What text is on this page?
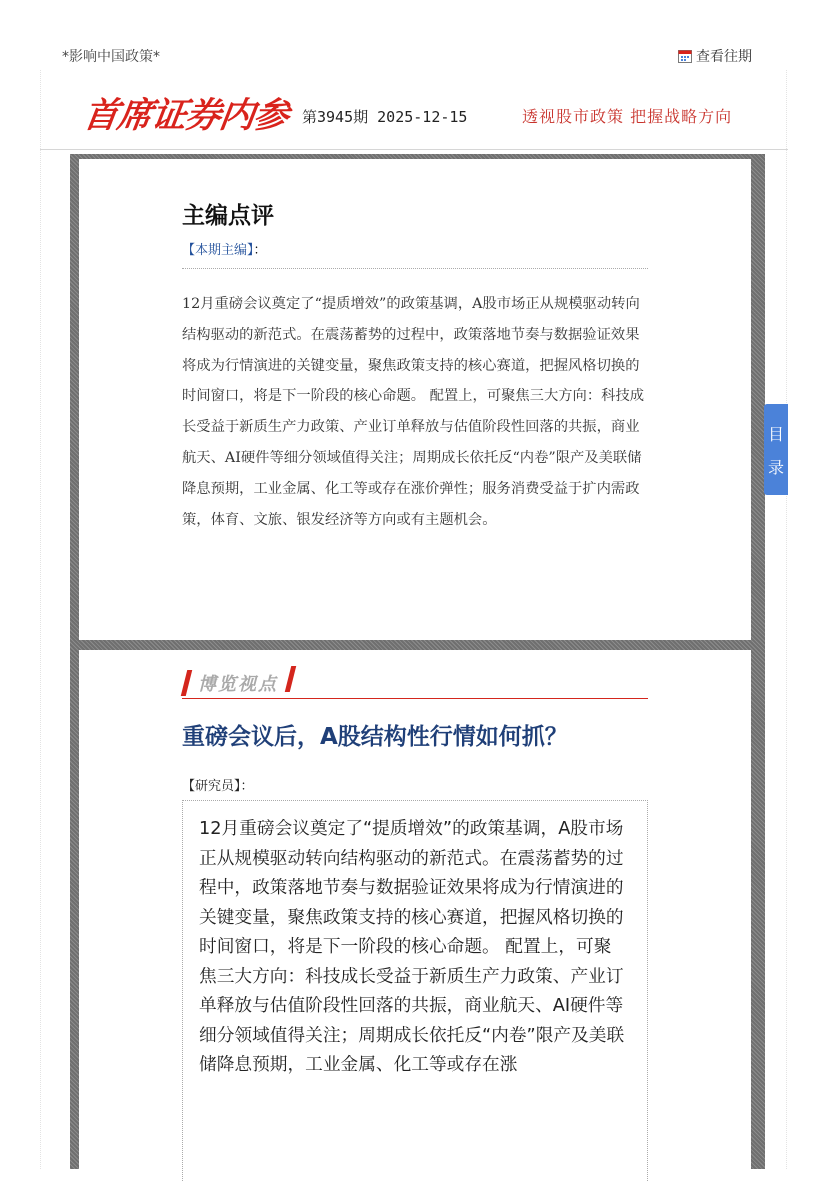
*影响中国政策*	查看往期
首席证券内参 第3945期 2025-12-15	透视股市政策 把握战略方向
主编点评
【本期主编】：

12月重磅会议奠定了“提质增效”的政策基调，A股市场正从规模驱动转向结构驱动的新范式。在震荡蓄势的过程中，政策落地节奏与数据验证效果将成为行情演进的关键变量，聚焦政策支持的核心赛道，把握风格切换的时间窗口，将是下一阶段的核心命题。 配置上，可聚焦三大方向：科技成长受益于新质生产力政策、产业订单释放与估值阶段性回落的共振，商业航天、AI硬件等细分领域值得关注；周期成长依托反“内卷”限产及美联储降息预期，工业金属、化工等或存在涨价弹性；服务消费受益于扩内需政策，体育、文旅、银发经济等方向或有主题机会。

博览视点
重磅会议后，A股结构性行情如何抓？
【研究员】：

12月重磅会议奠定了“提质增效”的政策基调，A股市场正从规模驱动转向结构驱动的新范式。在震荡蓄势的过程中，政策落地节奏与数据验证效果将成为行情演进的关键变量，聚焦政策支持的核心赛道，把握风格切换的时间窗口，将是下一阶段的核心命题。 配置上，可聚焦三大方向：科技成长受益于新质生产力政策、产业订单释放与估值阶段性回落的共振，商业航天、AI硬件等细分领域值得关注；周期成长依托反“内卷”限产及美联储降息预期，工业金属、化工等或存在涨

目
录
